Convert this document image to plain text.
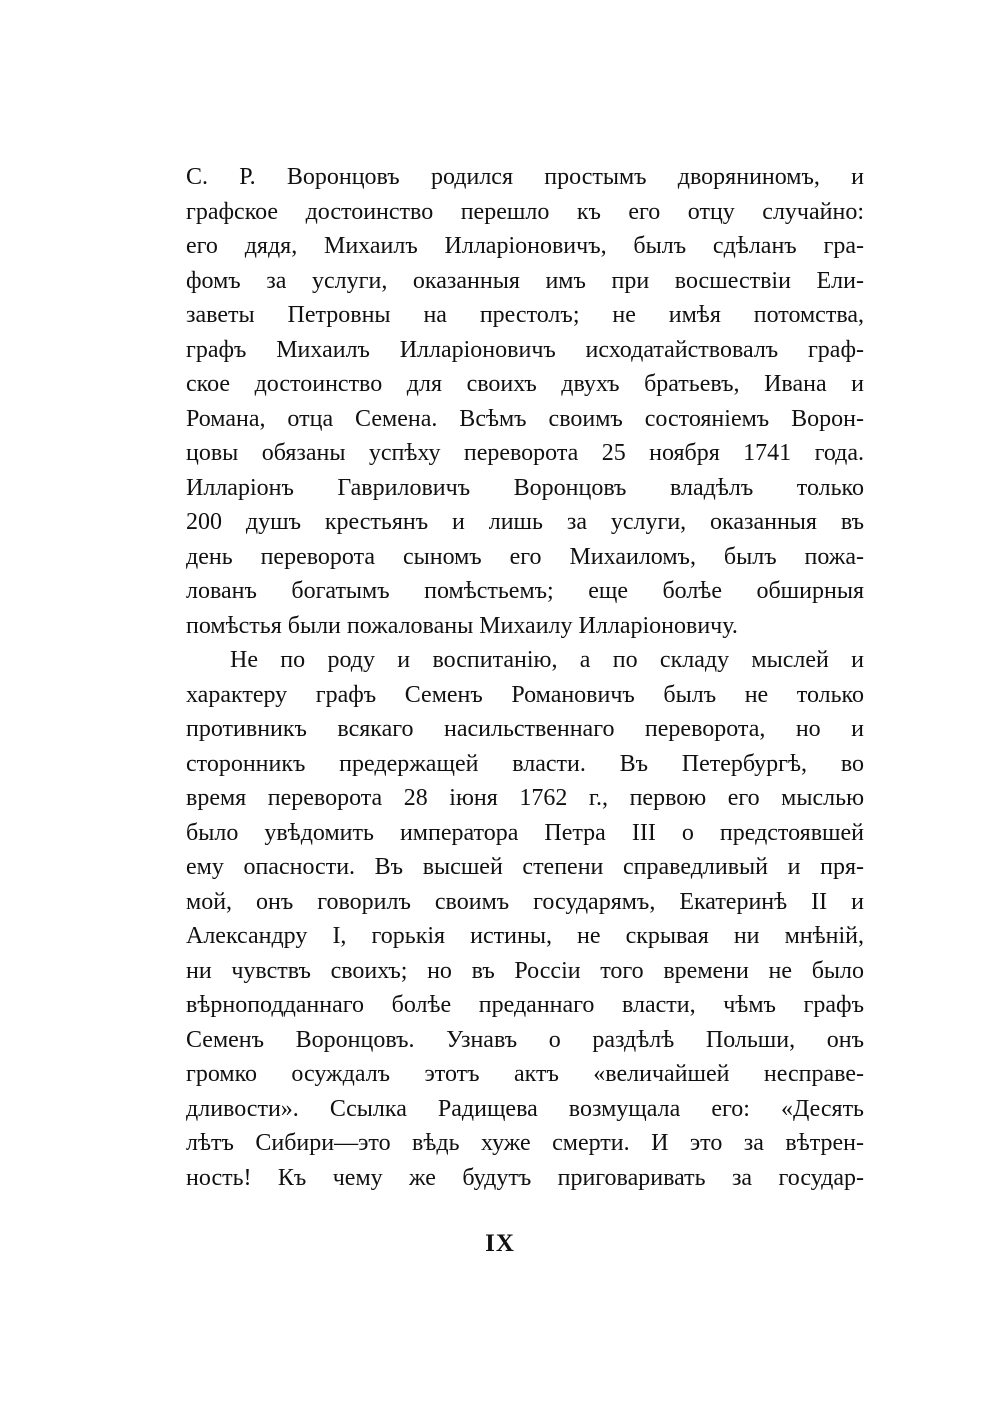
С. Р. Воронцовъ родился простымъ дворяниномъ, и
графское достоинство перешло къ его отцу случайно:
его дядя, Михаилъ Илларіоновичъ, былъ сдѣланъ гра-
фомъ за услуги, оказанныя имъ при восшествіи Ели-
заветы Петровны на престолъ; не имѣя потомства,
графъ Михаилъ Илларіоновичъ исходатайствовалъ граф-
ское достоинство для своихъ двухъ братьевъ, Ивана и
Романа, отца Семена. Всѣмъ своимъ состояніемъ Ворон-
цовы обязаны успѣху переворота 25 ноября 1741 года.
Илларіонъ Гавриловичъ Воронцовъ владѣлъ только
200 душъ крестьянъ и лишь за услуги, оказанныя въ
день переворота сыномъ его Михаиломъ, былъ пожа-
лованъ богатымъ помѣстьемъ; еще болѣе обширныя
помѣстья были пожалованы Михаилу Илларіоновичу.
Не по роду и воспитанію, а по складу мыслей и
характеру графъ Семенъ Романовичъ былъ не только
противникъ всякаго насильственнаго переворота, но и
сторонникъ предержащей власти. Въ Петербургѣ, во
время переворота 28 іюня 1762 г., первою его мыслью
было увѣдомить императора Петра III о предстоявшей
ему опасности. Въ высшей степени справедливый и пря-
мой, онъ говорилъ своимъ государямъ, Екатеринѣ II и
Александру I, горькія истины, не скрывая ни мнѣній,
ни чувствъ своихъ; но въ Россіи того времени не было
вѣрноподданнаго болѣе преданнаго власти, чѣмъ графъ
Семенъ Воронцовъ. Узнавъ о раздѣлѣ Польши, онъ
громко осуждалъ этотъ актъ «величайшей несправе-
дливости». Ссылка Радищева возмущала его: «Десять
лѣтъ Сибири—это вѣдь хуже смерти. И это за вѣтрен-
ность! Къ чему же будутъ приговаривать за государ-
IX
